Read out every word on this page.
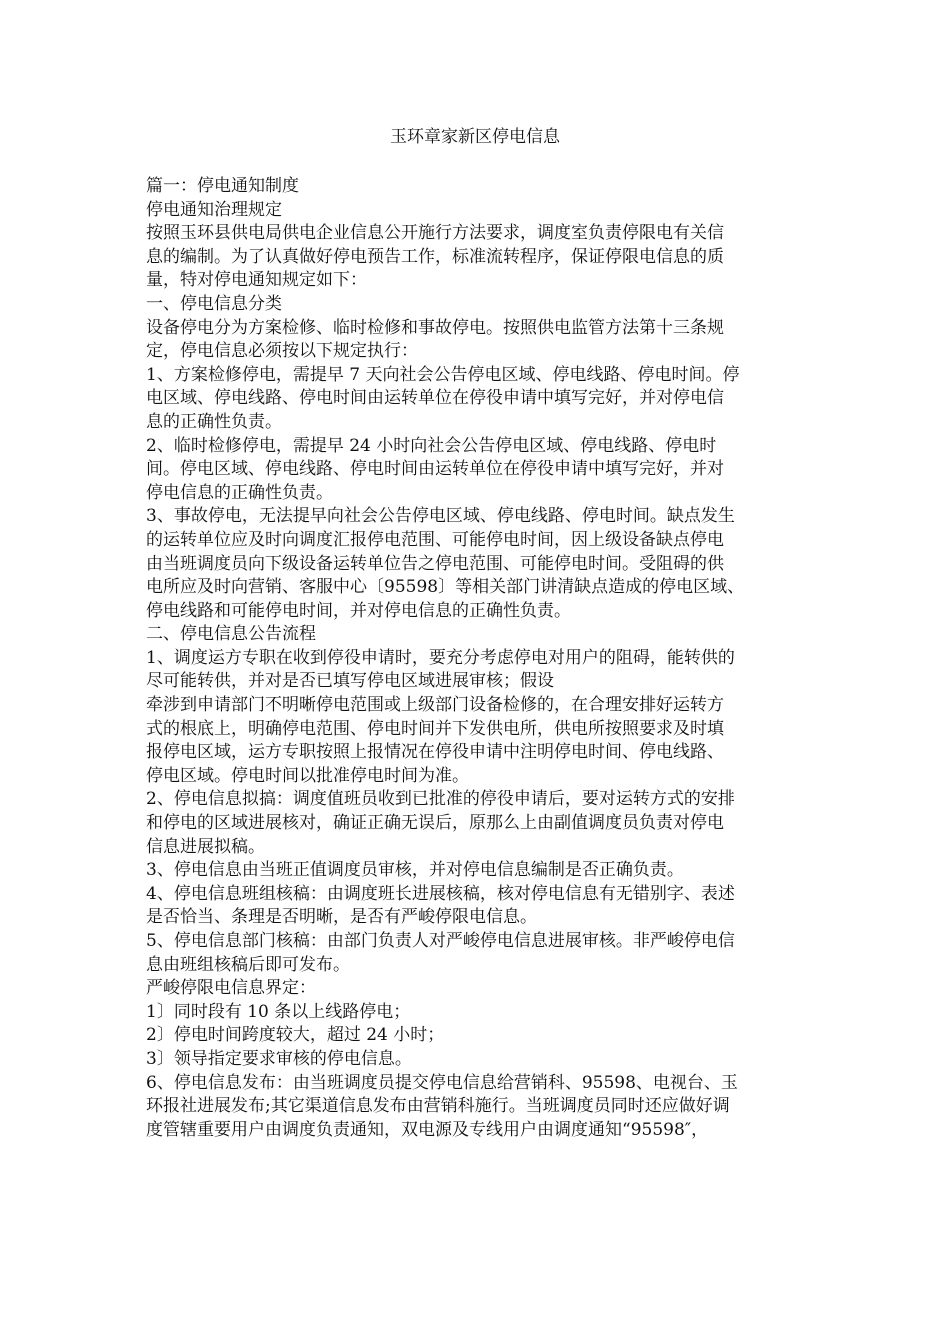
玉环章家新区停电信息

篇一：停电通知制度

停电通知治理规定

按照玉环县供电局供电企业信息公开施行方法要求，调度室负责停限电有关信

息的编制。为了认真做好停电预告工作，标准流转程序，保证停限电信息的质

量，特对停电通知规定如下：

一、停电信息分类

设备停电分为方案检修、临时检修和事故停电。按照供电监管方法第十三条规

定，停电信息必须按以下规定执行：

1、方案检修停电，需提早 7 天向社会公告停电区域、停电线路、停电时间。停

电区域、停电线路、停电时间由运转单位在停役申请中填写完好，并对停电信

息的正确性负责。

2、临时检修停电，需提早 24 小时向社会公告停电区域、停电线路、停电时

间。停电区域、停电线路、停电时间由运转单位在停役申请中填写完好，并对

停电信息的正确性负责。

3、事故停电，无法提早向社会公告停电区域、停电线路、停电时间。缺点发生

的运转单位应及时向调度汇报停电范围、可能停电时间，因上级设备缺点停电

由当班调度员向下级设备运转单位告之停电范围、可能停电时间。受阻碍的供

电所应及时向营销、客服中心〔95598〕等相关部门讲清缺点造成的停电区域、

停电线路和可能停电时间，并对停电信息的正确性负责。

二、停电信息公告流程

1、调度运方专职在收到停役申请时，要充分考虑停电对用户的阻碍，能转供的

尽可能转供，并对是否已填写停电区域进展审核；假设

牵涉到申请部门不明晰停电范围或上级部门设备检修的，在合理安排好运转方

式的根底上，明确停电范围、停电时间并下发供电所，供电所按照要求及时填

报停电区域，运方专职按照上报情况在停役申请中注明停电时间、停电线路、

停电区域。停电时间以批准停电时间为准。

2、停电信息拟搞：调度值班员收到已批准的停役申请后，要对运转方式的安排

和停电的区域进展核对，确证正确无误后，原那么上由副值调度员负责对停电

信息进展拟稿。

3、停电信息由当班正值调度员审核，并对停电信息编制是否正确负责。

4、停电信息班组核稿：由调度班长进展核稿，核对停电信息有无错别字、表述

是否恰当、条理是否明晰，是否有严峻停限电信息。

5、停电信息部门核稿：由部门负责人对严峻停电信息进展审核。非严峻停电信

息由班组核稿后即可发布。

严峻停限电信息界定：

1〕同时段有 10 条以上线路停电；

2〕停电时间跨度较大，超过 24 小时；

3〕领导指定要求审核的停电信息。

6、停电信息发布：由当班调度员提交停电信息给营销科、95598、电视台、玉

环报社进展发布;其它渠道信息发布由营销科施行。当班调度员同时还应做好调

度管辖重要用户由调度负责通知，双电源及专线用户由调度通知“95598″，
